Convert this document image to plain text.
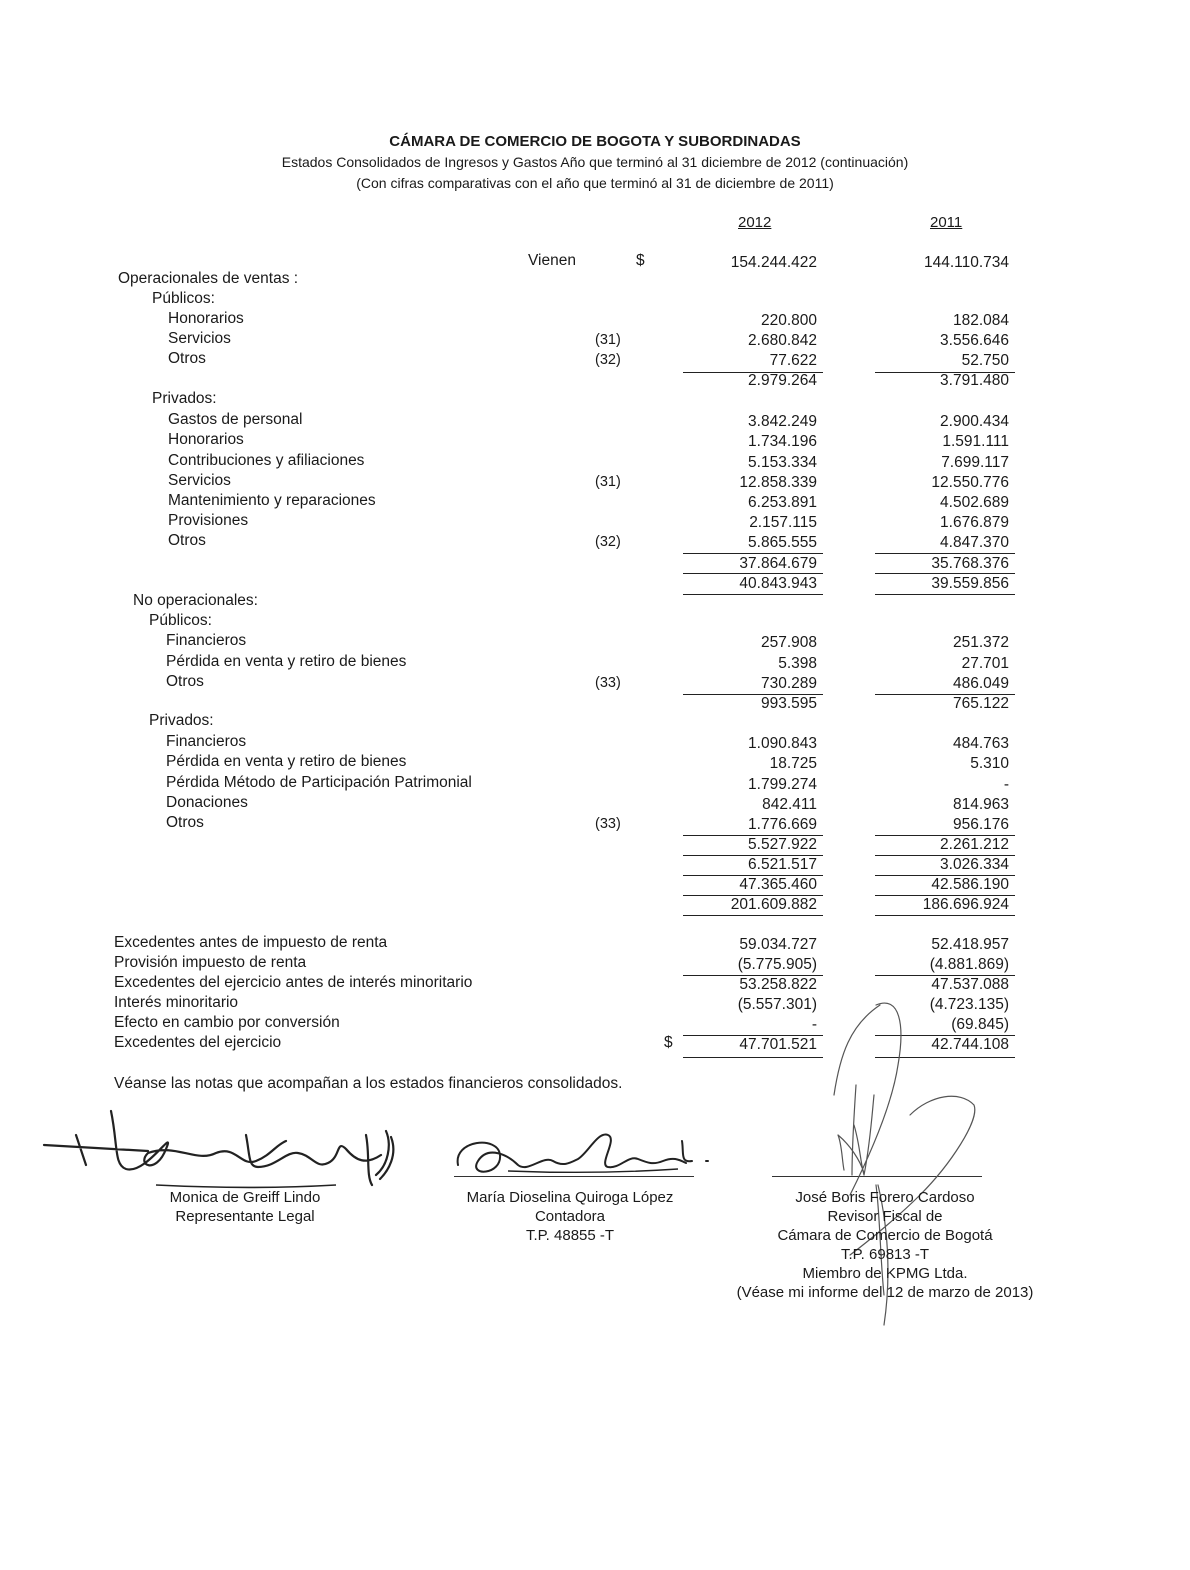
CÁMARA DE COMERCIO DE BOGOTA Y SUBORDINADAS
Estados Consolidados de Ingresos y Gastos Año que terminó al 31 diciembre de 2012 (continuación)
(Con cifras comparativas con el año que terminó al 31 de diciembre de 2011)
2012	2011
Vienen	$	154.244.422	144.110.734
Operacionales de ventas :
Públicos:
Honorarios	220.800	182.084
Servicios	(31)	2.680.842	3.556.646
Otros	(32)	77.622	52.750
2.979.264	3.791.480
Privados:
Gastos de personal	3.842.249	2.900.434
Honorarios	1.734.196	1.591.111
Contribuciones y afiliaciones	5.153.334	7.699.117
Servicios	(31)	12.858.339	12.550.776
Mantenimiento y reparaciones	6.253.891	4.502.689
Provisiones	2.157.115	1.676.879
Otros	(32)	5.865.555	4.847.370
37.864.679	35.768.376
40.843.943	39.559.856
No operacionales:
Públicos:
Financieros	257.908	251.372
Pérdida en venta y retiro de bienes	5.398	27.701
Otros	(33)	730.289	486.049
993.595	765.122
Privados:
Financieros	1.090.843	484.763
Pérdida en venta y retiro de bienes	18.725	5.310
Pérdida Método de Participación Patrimonial	1.799.274	-
Donaciones	842.411	814.963
Otros	(33)	1.776.669	956.176
5.527.922	2.261.212
6.521.517	3.026.334
47.365.460	42.586.190
201.609.882	186.696.924
Excedentes antes de impuesto de renta	59.034.727	52.418.957
Provisión impuesto de renta	(5.775.905)	(4.881.869)
Excedentes del ejercicio antes de interés minoritario	53.258.822	47.537.088
Interés minoritario	(5.557.301)	(4.723.135)
Efecto en cambio por conversión	-	(69.845)
Excedentes del ejercicio	$	47.701.521	42.744.108
Véanse las notas que acompañan a los estados financieros consolidados.
Monica de Greiff Lindo
Representante Legal
María Dioselina Quiroga López
Contadora
T.P. 48855 -T
José Boris Forero Cardoso
Revisor Fiscal de
Cámara de Comercio de Bogotá
T.P. 69813 -T
Miembro de KPMG Ltda.
(Véase mi informe del 12 de marzo de 2013)
